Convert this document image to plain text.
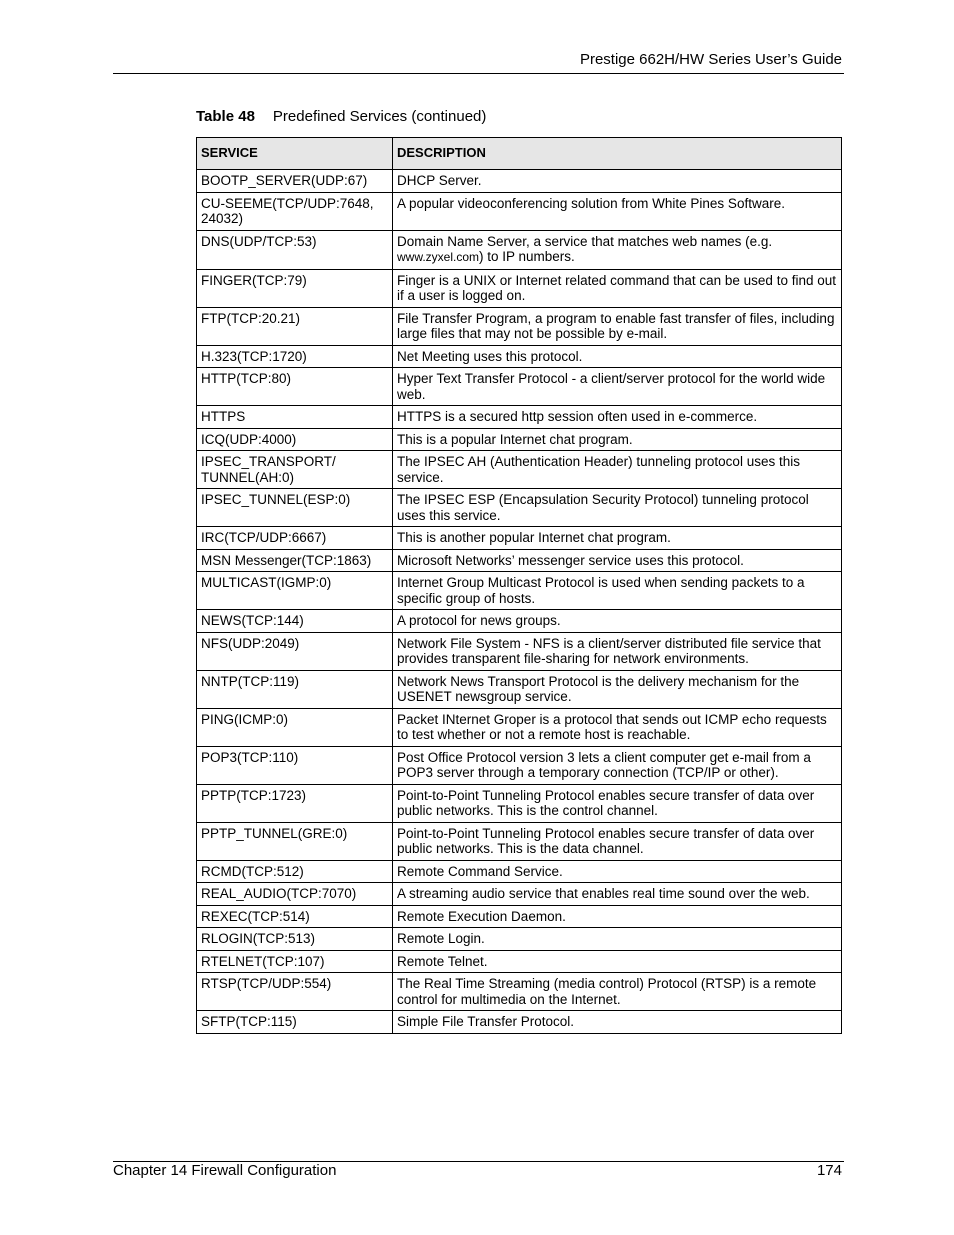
Prestige 662H/HW Series User’s Guide
Table 48 Predefined Services (continued)
SERVICE	DESCRIPTION
BOOTP_SERVER(UDP:67)	DHCP Server.
CU-SEEME(TCP/UDP:7648, 24032)	A popular videoconferencing solution from White Pines Software.
DNS(UDP/TCP:53)	Domain Name Server, a service that matches web names (e.g. www.zyxel.com) to IP numbers.
FINGER(TCP:79)	Finger is a UNIX or Internet related command that can be used to find out if a user is logged on.
FTP(TCP:20.21)	File Transfer Program, a program to enable fast transfer of files, including large files that may not be possible by e-mail.
H.323(TCP:1720)	Net Meeting uses this protocol.
HTTP(TCP:80)	Hyper Text Transfer Protocol - a client/server protocol for the world wide web.
HTTPS	HTTPS is a secured http session often used in e-commerce.
ICQ(UDP:4000)	This is a popular Internet chat program.
IPSEC_TRANSPORT/ TUNNEL(AH:0)	The IPSEC AH (Authentication Header) tunneling protocol uses this service.
IPSEC_TUNNEL(ESP:0)	The IPSEC ESP (Encapsulation Security Protocol) tunneling protocol uses this service.
IRC(TCP/UDP:6667)	This is another popular Internet chat program.
MSN Messenger(TCP:1863)	Microsoft Networks’ messenger service uses this protocol.
MULTICAST(IGMP:0)	Internet Group Multicast Protocol is used when sending packets to a specific group of hosts.
NEWS(TCP:144)	A protocol for news groups.
NFS(UDP:2049)	Network File System - NFS is a client/server distributed file service that provides transparent file-sharing for network environments.
NNTP(TCP:119)	Network News Transport Protocol is the delivery mechanism for the USENET newsgroup service.
PING(ICMP:0)	Packet INternet Groper is a protocol that sends out ICMP echo requests to test whether or not a remote host is reachable.
POP3(TCP:110)	Post Office Protocol version 3 lets a client computer get e-mail from a POP3 server through a temporary connection (TCP/IP or other).
PPTP(TCP:1723)	Point-to-Point Tunneling Protocol enables secure transfer of data over public networks. This is the control channel.
PPTP_TUNNEL(GRE:0)	Point-to-Point Tunneling Protocol enables secure transfer of data over public networks. This is the data channel.
RCMD(TCP:512)	Remote Command Service.
REAL_AUDIO(TCP:7070)	A streaming audio service that enables real time sound over the web.
REXEC(TCP:514)	Remote Execution Daemon.
RLOGIN(TCP:513)	Remote Login.
RTELNET(TCP:107)	Remote Telnet.
RTSP(TCP/UDP:554)	The Real Time Streaming (media control) Protocol (RTSP) is a remote control for multimedia on the Internet.
SFTP(TCP:115)	Simple File Transfer Protocol.
Chapter 14 Firewall Configuration	174
